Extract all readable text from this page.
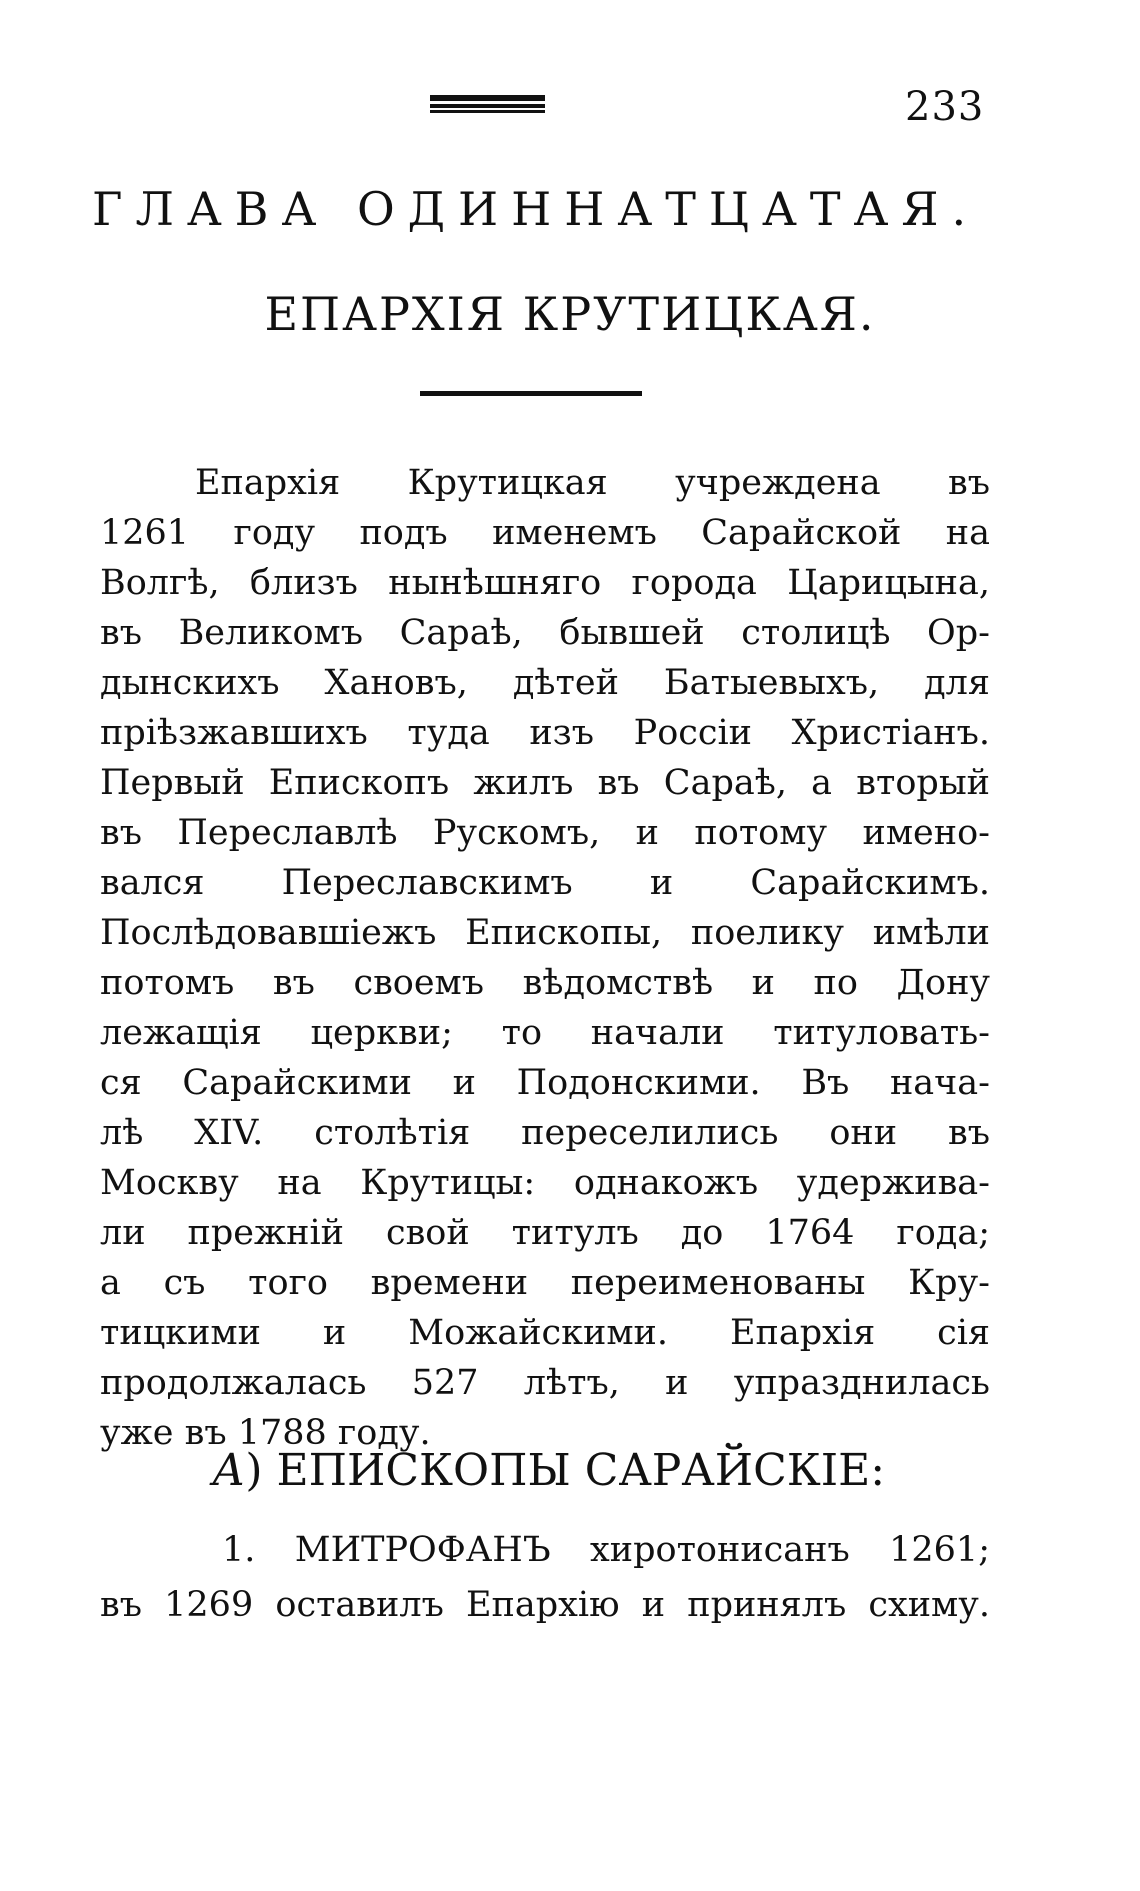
233
ГЛАВА ОДИННАТЦАТАЯ.
ЕПАРХІЯ КРУТИЦКАЯ.
Епархія Крутицкая учреждена въ
1261 году подъ именемъ Сарайской на
Волгѣ, близъ нынѣшняго города Царицына,
въ Великомъ Сараѣ, бывшей столицѣ Ор-
дынскихъ Хановъ, дѣтей Батыевыхъ, для
пріѣзжавшихъ туда изъ Россіи Христіанъ.
Первый Епископъ жилъ въ Сараѣ, а вторый
въ Переславлѣ Рускомъ, и потому имено-
вался Переславскимъ и Сарайскимъ.
Послѣдовавшіежъ Епископы, поелику имѣли
потомъ въ своемъ вѣдомствѣ и по Дону
лежащія церкви; то начали титуловать-
ся Сарайскими и Подонскими. Въ нача-
лѣ XIV. столѣтія переселились они въ
Москву на Крутицы: однакожъ удержива-
ли прежній свой титулъ до 1764 года;
а съ того времени переименованы Кру-
тицкими и Можайскими. Епархія сія
продолжалась 527 лѣтъ, и упразднилась
уже въ 1788 году.
А) ЕПИСКОПЫ САРАЙСКІЕ:
1. МИТРОФАНЪ хиротонисанъ 1261;
въ 1269 оставилъ Епархію и принялъ схиму.
